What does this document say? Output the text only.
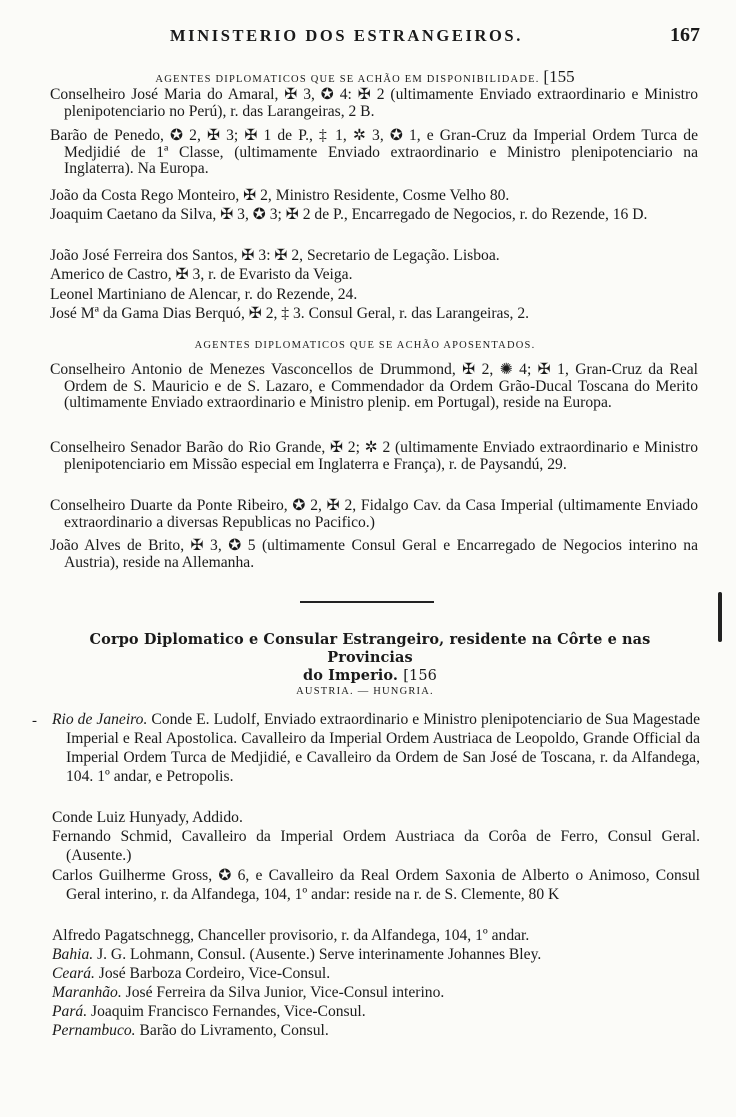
MINISTERIO DOS ESTRANGEIROS.	167
AGENTES DIPLOMATICOS QUE SE ACHÃO EM DISPONIBILIDADE. [155
Conselheiro José Maria do Amaral, ✠ 3, ✪ 4: ✠ 2 (ultimamente Enviado extraordinario e Ministro plenipotenciario no Perú), r. das Larangeiras, 2 B.
Barão de Penedo, ✪ 2, ✠ 3; ✠ 1 de P., ‡ 1, ✲ 3, ✪ 1, e Gran-Cruz da Imperial Ordem Turca de Medjidié de 1ª Classe, (ultimamente Enviado extraordinario e Ministro plenipotenciario na Inglaterra). Na Europa.
João da Costa Rego Monteiro, ✠ 2, Ministro Residente, Cosme Velho 80.
Joaquim Caetano da Silva, ✠ 3, ✪ 3; ✠ 2 de P., Encarregado de Negocios, r. do Rezende, 16 D.
João José Ferreira dos Santos, ✠ 3: ✠ 2, Secretario de Legação. Lisboa.
Americo de Castro, ✠ 3, r. de Evaristo da Veiga.
Leonel Martiniano de Alencar, r. do Rezende, 24.
José Mª da Gama Dias Berquó, ✠ 2, ‡ 3. Consul Geral, r. das Larangeiras, 2.
AGENTES DIPLOMATICOS QUE SE ACHÃO APOSENTADOS.
Conselheiro Antonio de Menezes Vasconcellos de Drummond, ✠ 2, ✺ 4; ✠ 1, Gran-Cruz da Real Ordem de S. Mauricio e de S. Lazaro, e Commendador da Ordem Grão-Ducal Toscana do Merito (ultimamente Enviado extraordinario e Ministro plenip. em Portugal), reside na Europa.
Conselheiro Senador Barão do Rio Grande, ✠ 2; ✲ 2 (ultimamente Enviado extraordinario e Ministro plenipotenciario em Missão especial em Inglaterra e França), r. de Paysandú, 29.
Conselheiro Duarte da Ponte Ribeiro, ✪ 2, ✠ 2, Fidalgo Cav. da Casa Imperial (ultimamente Enviado extraordinario a diversas Republicas no Pacifico.)
João Alves de Brito, ✠ 3, ✪ 5 (ultimamente Consul Geral e Encarregado de Negocios interino na Austria), reside na Allemanha.
Corpo Diplomatico e Consular Estrangeiro, residente na Côrte e nas Provincias
do Imperio. [156
AUSTRIA. — HUNGRIA.
- Rio de Janeiro. Conde E. Ludolf, Enviado extraordinario e Ministro plenipotenciario de Sua Magestade Imperial e Real Apostolica. Cavalleiro da Imperial Ordem Austriaca de Leopoldo, Grande Official da Imperial Ordem Turca de Medjidié, e Cavalleiro da Ordem de San José de Toscana, r. da Alfandega, 104. 1º andar, e Petropolis.
Conde Luiz Hunyady, Addido.
Fernando Schmid, Cavalleiro da Imperial Ordem Austriaca da Corôa de Ferro, Consul Geral. (Ausente.)
Carlos Guilherme Gross, ✪ 6, e Cavalleiro da Real Ordem Saxonia de Alberto o Animoso, Consul Geral interino, r. da Alfandega, 104, 1º andar: reside na r. de S. Clemente, 80 K
Alfredo Pagatschnegg, Chanceller provisorio, r. da Alfandega, 104, 1º andar.
Bahia. J. G. Lohmann, Consul. (Ausente.) Serve interinamente Johannes Bley.
Ceará. José Barboza Cordeiro, Vice-Consul.
Maranhão. José Ferreira da Silva Junior, Vice-Consul interino.
Pará. Joaquim Francisco Fernandes, Vice-Consul.
Pernambuco. Barão do Livramento, Consul.
